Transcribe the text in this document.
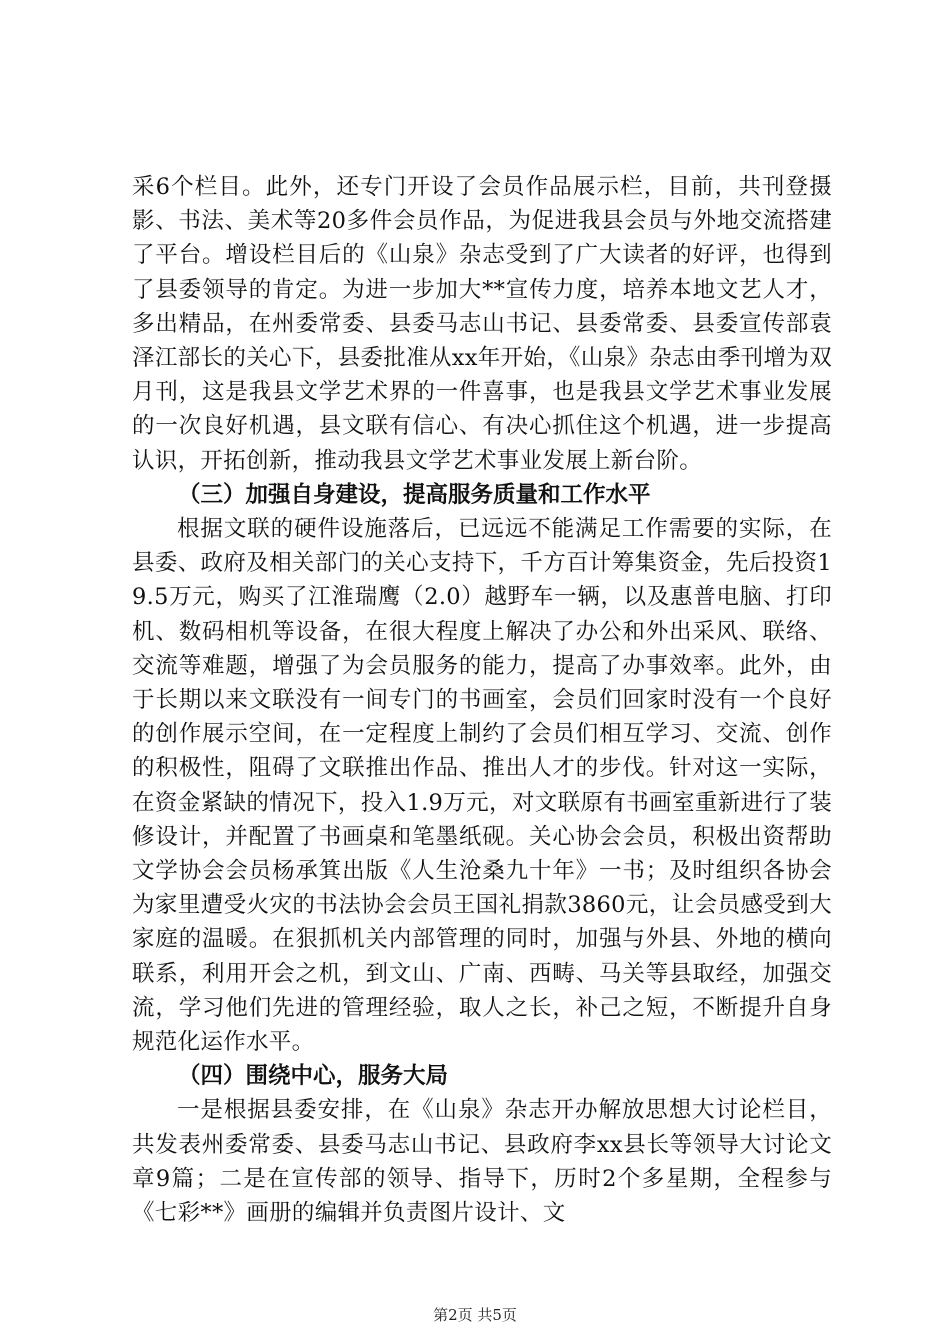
采6个栏目。此外，还专门开设了会员作品展示栏，目前，共刊登摄影、书法、美术等20多件会员作品，为促进我县会员与外地交流搭建了平台。增设栏目后的《山泉》杂志受到了广大读者的好评，也得到了县委领导的肯定。为进一步加大**宣传力度，培养本地文艺人才，多出精品，在州委常委、县委马志山书记、县委常委、县委宣传部袁泽江部长的关心下，县委批准从xx年开始，《山泉》杂志由季刊增为双月刊，这是我县文学艺术界的一件喜事，也是我县文学艺术事业发展的一次良好机遇，县文联有信心、有决心抓住这个机遇，进一步提高认识，开拓创新，推动我县文学艺术事业发展上新台阶。

（三）加强自身建设，提高服务质量和工作水平

根据文联的硬件设施落后，已远远不能满足工作需要的实际，在县委、政府及相关部门的关心支持下，千方百计筹集资金，先后投资19.5万元，购买了江淮瑞鹰（2.0）越野车一辆，以及惠普电脑、打印机、数码相机等设备，在很大程度上解决了办公和外出采风、联络、交流等难题，增强了为会员服务的能力，提高了办事效率。此外，由于长期以来文联没有一间专门的书画室，会员们回家时没有一个良好的创作展示空间，在一定程度上制约了会员们相互学习、交流、创作的积极性，阻碍了文联推出作品、推出人才的步伐。针对这一实际，在资金紧缺的情况下，投入1.9万元，对文联原有书画室重新进行了装修设计，并配置了书画桌和笔墨纸砚。关心协会会员，积极出资帮助文学协会会员杨承箕出版《人生沧桑九十年》一书；及时组织各协会为家里遭受火灾的书法协会会员王国礼捐款3860元，让会员感受到大家庭的温暖。在狠抓机关内部管理的同时，加强与外县、外地的横向联系，利用开会之机，到文山、广南、西畴、马关等县取经，加强交流，学习他们先进的管理经验，取人之长，补己之短，不断提升自身规范化运作水平。

（四）围绕中心，服务大局

一是根据县委安排，在《山泉》杂志开办解放思想大讨论栏目，共发表州委常委、县委马志山书记、县政府李xx县长等领导大讨论文章9篇；二是在宣传部的领导、指导下，历时2个多星期，全程参与《七彩**》画册的编辑并负责图片设计、文

第2页 共5页
